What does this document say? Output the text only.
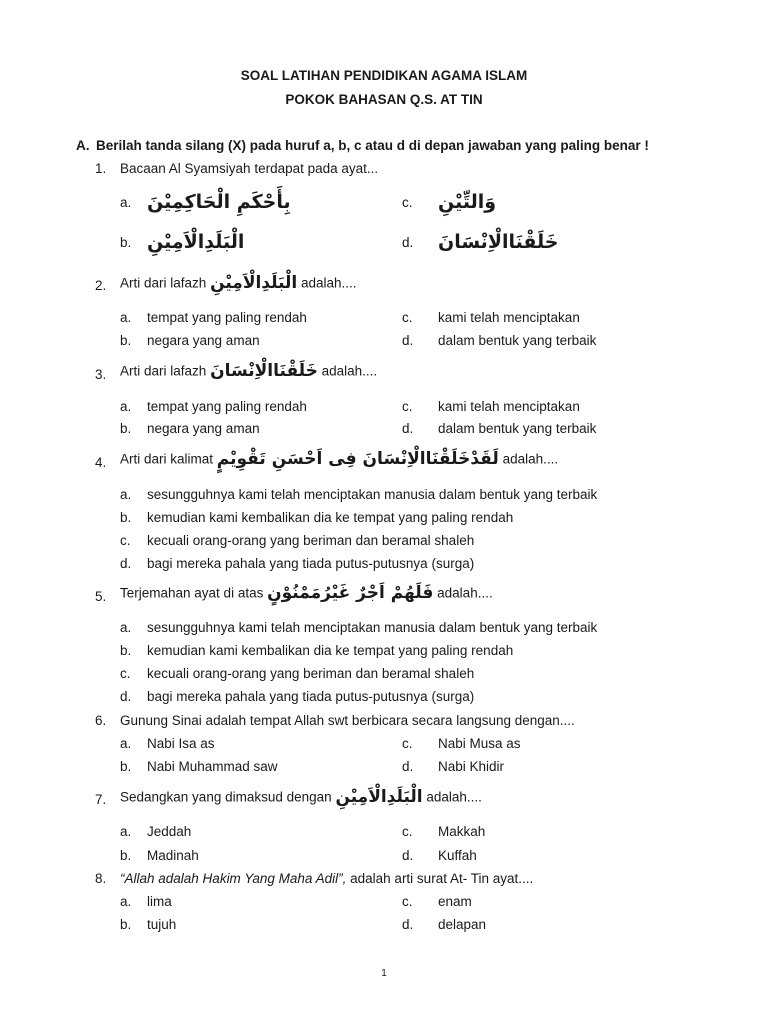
SOAL LATIHAN PENDIDIKAN AGAMA ISLAM
POKOK BAHASAN Q.S. AT TIN
A. Berilah tanda silang (X) pada huruf a, b, c atau d di depan jawaban yang paling benar !
1. Bacaan Al Syamsiyah terdapat pada ayat...
a. بِأَحْكَمِ الْحَاكِمِيْنَ	c. وَالتِّيْنِ
b. الْبَلَدِالْاَمِيْنِ	d. خَلَقْنَاالْاِنْسَانَ
2. Arti dari lafazh الْبَلَدِالْاَمِيْنِ adalah....
a. tempat yang paling rendah	c. kami telah menciptakan
b. negara yang aman	d. dalam bentuk yang terbaik
3. Arti dari lafazh خَلَقْنَاالْاِنْسَانَ adalah....
a. tempat yang paling rendah	c. kami telah menciptakan
b. negara yang aman	d. dalam bentuk yang terbaik
4. Arti dari kalimat لَقَدْخَلَقْنَاالْاِنْسَانَ فِى اَحْسَنِ تَقْوِيْمٍ adalah....
a. sesungguhnya kami telah menciptakan manusia dalam bentuk yang terbaik
b. kemudian kami kembalikan dia ke tempat yang paling rendah
c. kecuali orang-orang yang beriman dan beramal shaleh
d. bagi mereka pahala yang tiada putus-putusnya (surga)
5. Terjemahan ayat di atas فَلَهُمْ اَجْرٌ غَيْرُمَمْنُوْنٍ adalah....
a. sesungguhnya kami telah menciptakan manusia dalam bentuk yang terbaik
b. kemudian kami kembalikan dia ke tempat yang paling rendah
c. kecuali orang-orang yang beriman dan beramal shaleh
d. bagi mereka pahala yang tiada putus-putusnya (surga)
6. Gunung Sinai adalah tempat Allah swt berbicara secara langsung dengan....
a. Nabi Isa as	c. Nabi Musa as
b. Nabi Muhammad saw	d. Nabi Khidir
7. Sedangkan yang dimaksud dengan الْبَلَدِالْاَمِيْنِ adalah....
a. Jeddah	c. Makkah
b. Madinah	d. Kuffah
8. “Allah adalah Hakim Yang Maha Adil”, adalah arti surat At- Tin ayat....
a. lima	c. enam
b. tujuh	d. delapan
1
